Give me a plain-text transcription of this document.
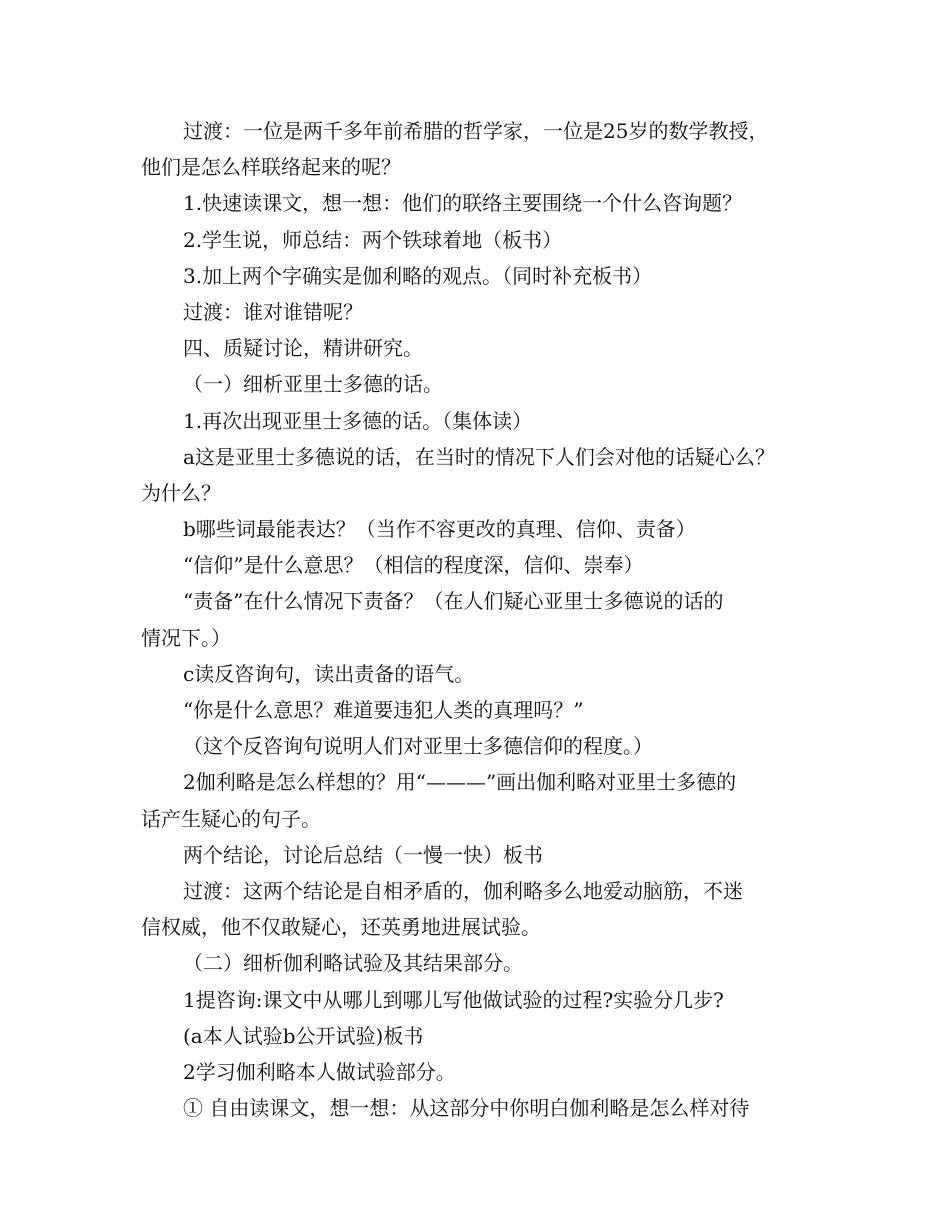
过渡：一位是两千多年前希腊的哲学家，一位是25岁的数学教授，
他们是怎么样联络起来的呢？
1.快速读课文，想一想：他们的联络主要围绕一个什么咨询题？
2.学生说，师总结：两个铁球着地（板书）
3.加上两个字确实是伽利略的观点。（同时补充板书）
过渡：谁对谁错呢？
四、质疑讨论，精讲研究。
（一）细析亚里士多德的话。
1.再次出现亚里士多德的话。（集体读）
a这是亚里士多德说的话，在当时的情况下人们会对他的话疑心么？
为什么？
b哪些词最能表达？（当作不容更改的真理、信仰、责备）
“信仰”是什么意思？（相信的程度深，信仰、崇奉）
“责备”在什么情况下责备？（在人们疑心亚里士多德说的话的
情况下。）
c读反咨询句，读出责备的语气。
“你是什么意思？难道要违犯人类的真理吗？”
（这个反咨询句说明人们对亚里士多德信仰的程度。）
2伽利略是怎么样想的？用“———”画出伽利略对亚里士多德的
话产生疑心的句子。
两个结论，讨论后总结（一慢一快）板书
过渡：这两个结论是自相矛盾的，伽利略多么地爱动脑筋，不迷
信权威，他不仅敢疑心，还英勇地进展试验。
（二）细析伽利略试验及其结果部分。
1提咨询:课文中从哪儿到哪儿写他做试验的过程?实验分几步?
(a本人试验b公开试验)板书
2学习伽利略本人做试验部分。
① 自由读课文，想一想：从这部分中你明白伽利略是怎么样对待
